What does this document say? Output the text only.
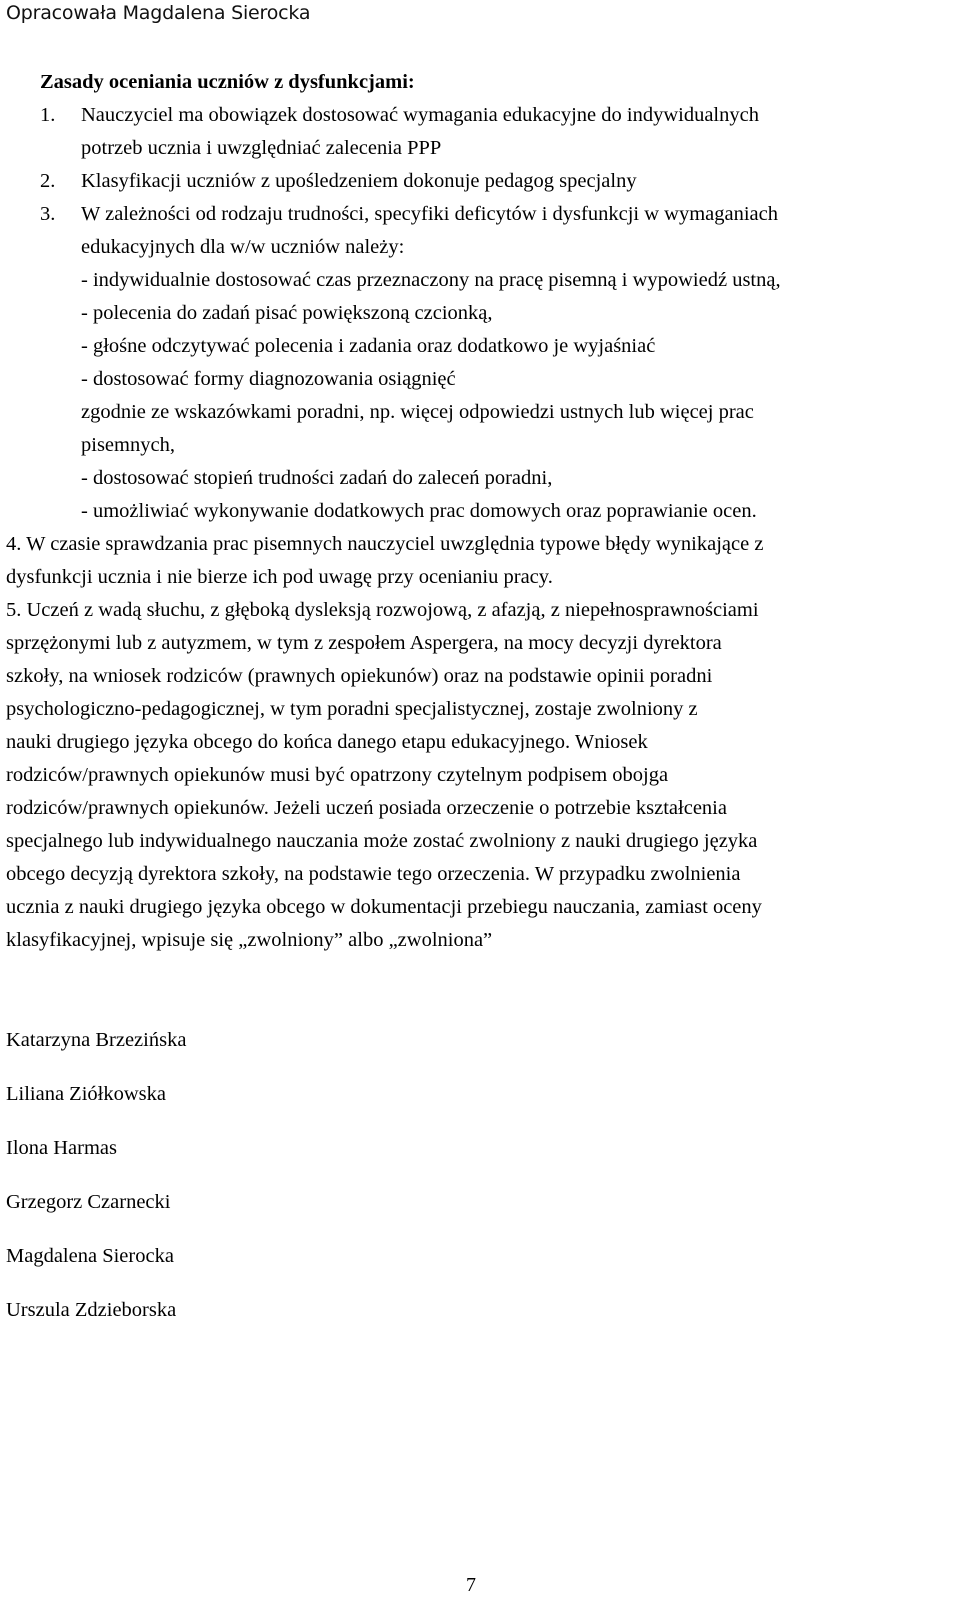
Opracowała Magdalena Sierocka

Zasady oceniania uczniów z dysfunkcjami:

1.	Nauczyciel ma obowiązek dostosować wymagania edukacyjne do indywidualnych

potrzeb ucznia i uwzględniać zalecenia PPP

2.	Klasyfikacji uczniów z upośledzeniem dokonuje pedagog specjalny

3.	W zależności od rodzaju trudności, specyfiki deficytów i dysfunkcji w wymaganiach

edukacyjnych dla w/w uczniów należy:

- indywidualnie dostosować czas przeznaczony na pracę pisemną i wypowiedź ustną,

- polecenia do zadań pisać powiększoną czcionką,

- głośne odczytywać polecenia i zadania oraz dodatkowo je wyjaśniać

- dostosować formy diagnozowania osiągnięć

zgodnie ze wskazówkami poradni, np. więcej odpowiedzi ustnych lub więcej prac

pisemnych,

- dostosować stopień trudności zadań do zaleceń poradni,

- umożliwiać wykonywanie dodatkowych prac domowych oraz poprawianie ocen.

4. W czasie sprawdzania prac pisemnych nauczyciel uwzględnia typowe błędy wynikające z

dysfunkcji ucznia i nie bierze ich pod uwagę przy ocenianiu pracy.

5. Uczeń z wadą słuchu, z głęboką dysleksją rozwojową, z afazją, z niepełnosprawnościami

sprzężonymi lub z autyzmem, w tym z zespołem Aspergera, na mocy decyzji dyrektora

szkoły, na wniosek rodziców (prawnych opiekunów) oraz na podstawie opinii poradni

psychologiczno-pedagogicznej, w tym poradni specjalistycznej, zostaje zwolniony z

nauki drugiego języka obcego do końca danego etapu edukacyjnego. Wniosek

rodziców/prawnych opiekunów musi być opatrzony czytelnym podpisem obojga

rodziców/prawnych opiekunów. Jeżeli uczeń posiada orzeczenie o potrzebie kształcenia

specjalnego lub indywidualnego nauczania może zostać zwolniony z nauki drugiego języka

obcego decyzją dyrektora szkoły, na podstawie tego orzeczenia. W przypadku zwolnienia

ucznia z nauki drugiego języka obcego w dokumentacji przebiegu nauczania, zamiast oceny

klasyfikacyjnej, wpisuje się „zwolniony” albo „zwolniona”

Katarzyna Brzezińska

Liliana Ziółkowska

Ilona Harmas

Grzegorz Czarnecki

Magdalena Sierocka

Urszula Zdzieborska

7
